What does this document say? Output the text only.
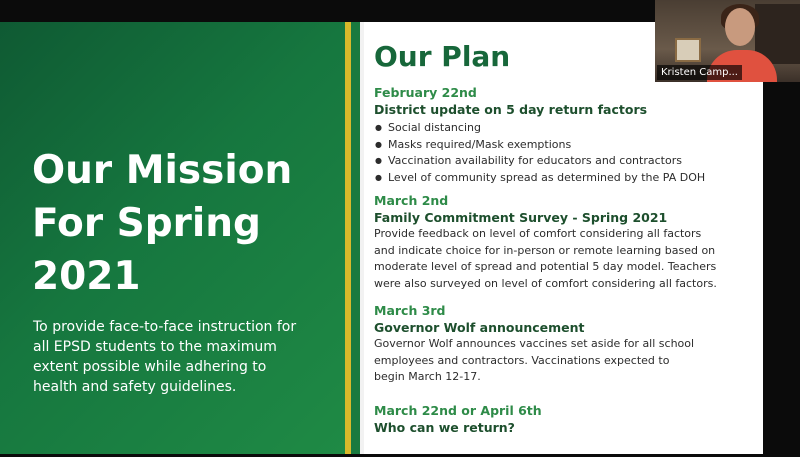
Our Mission
For Spring
2021
To provide face-to-face instruction for
all EPSD students to the maximum
extent possible while adhering to
health and safety guidelines.
Our Plan
February 22nd
District update on 5 day return factors
● Social distancing
● Masks required/Mask exemptions
● Vaccination availability for educators and contractors
● Level of community spread as determined by the PA DOH
March 2nd
Family Commitment Survey - Spring 2021
Provide feedback on level of comfort considering all factors
and indicate choice for in-person or remote learning based on
moderate level of spread and potential 5 day model. Teachers
were also surveyed on level of comfort considering all factors.
March 3rd
Governor Wolf announcement
Governor Wolf announces vaccines set aside for all school
employees and contractors. Vaccinations expected to
begin March 12-17.
March 22nd or April 6th
Who can we return?
Kristen Camp...
zoom
